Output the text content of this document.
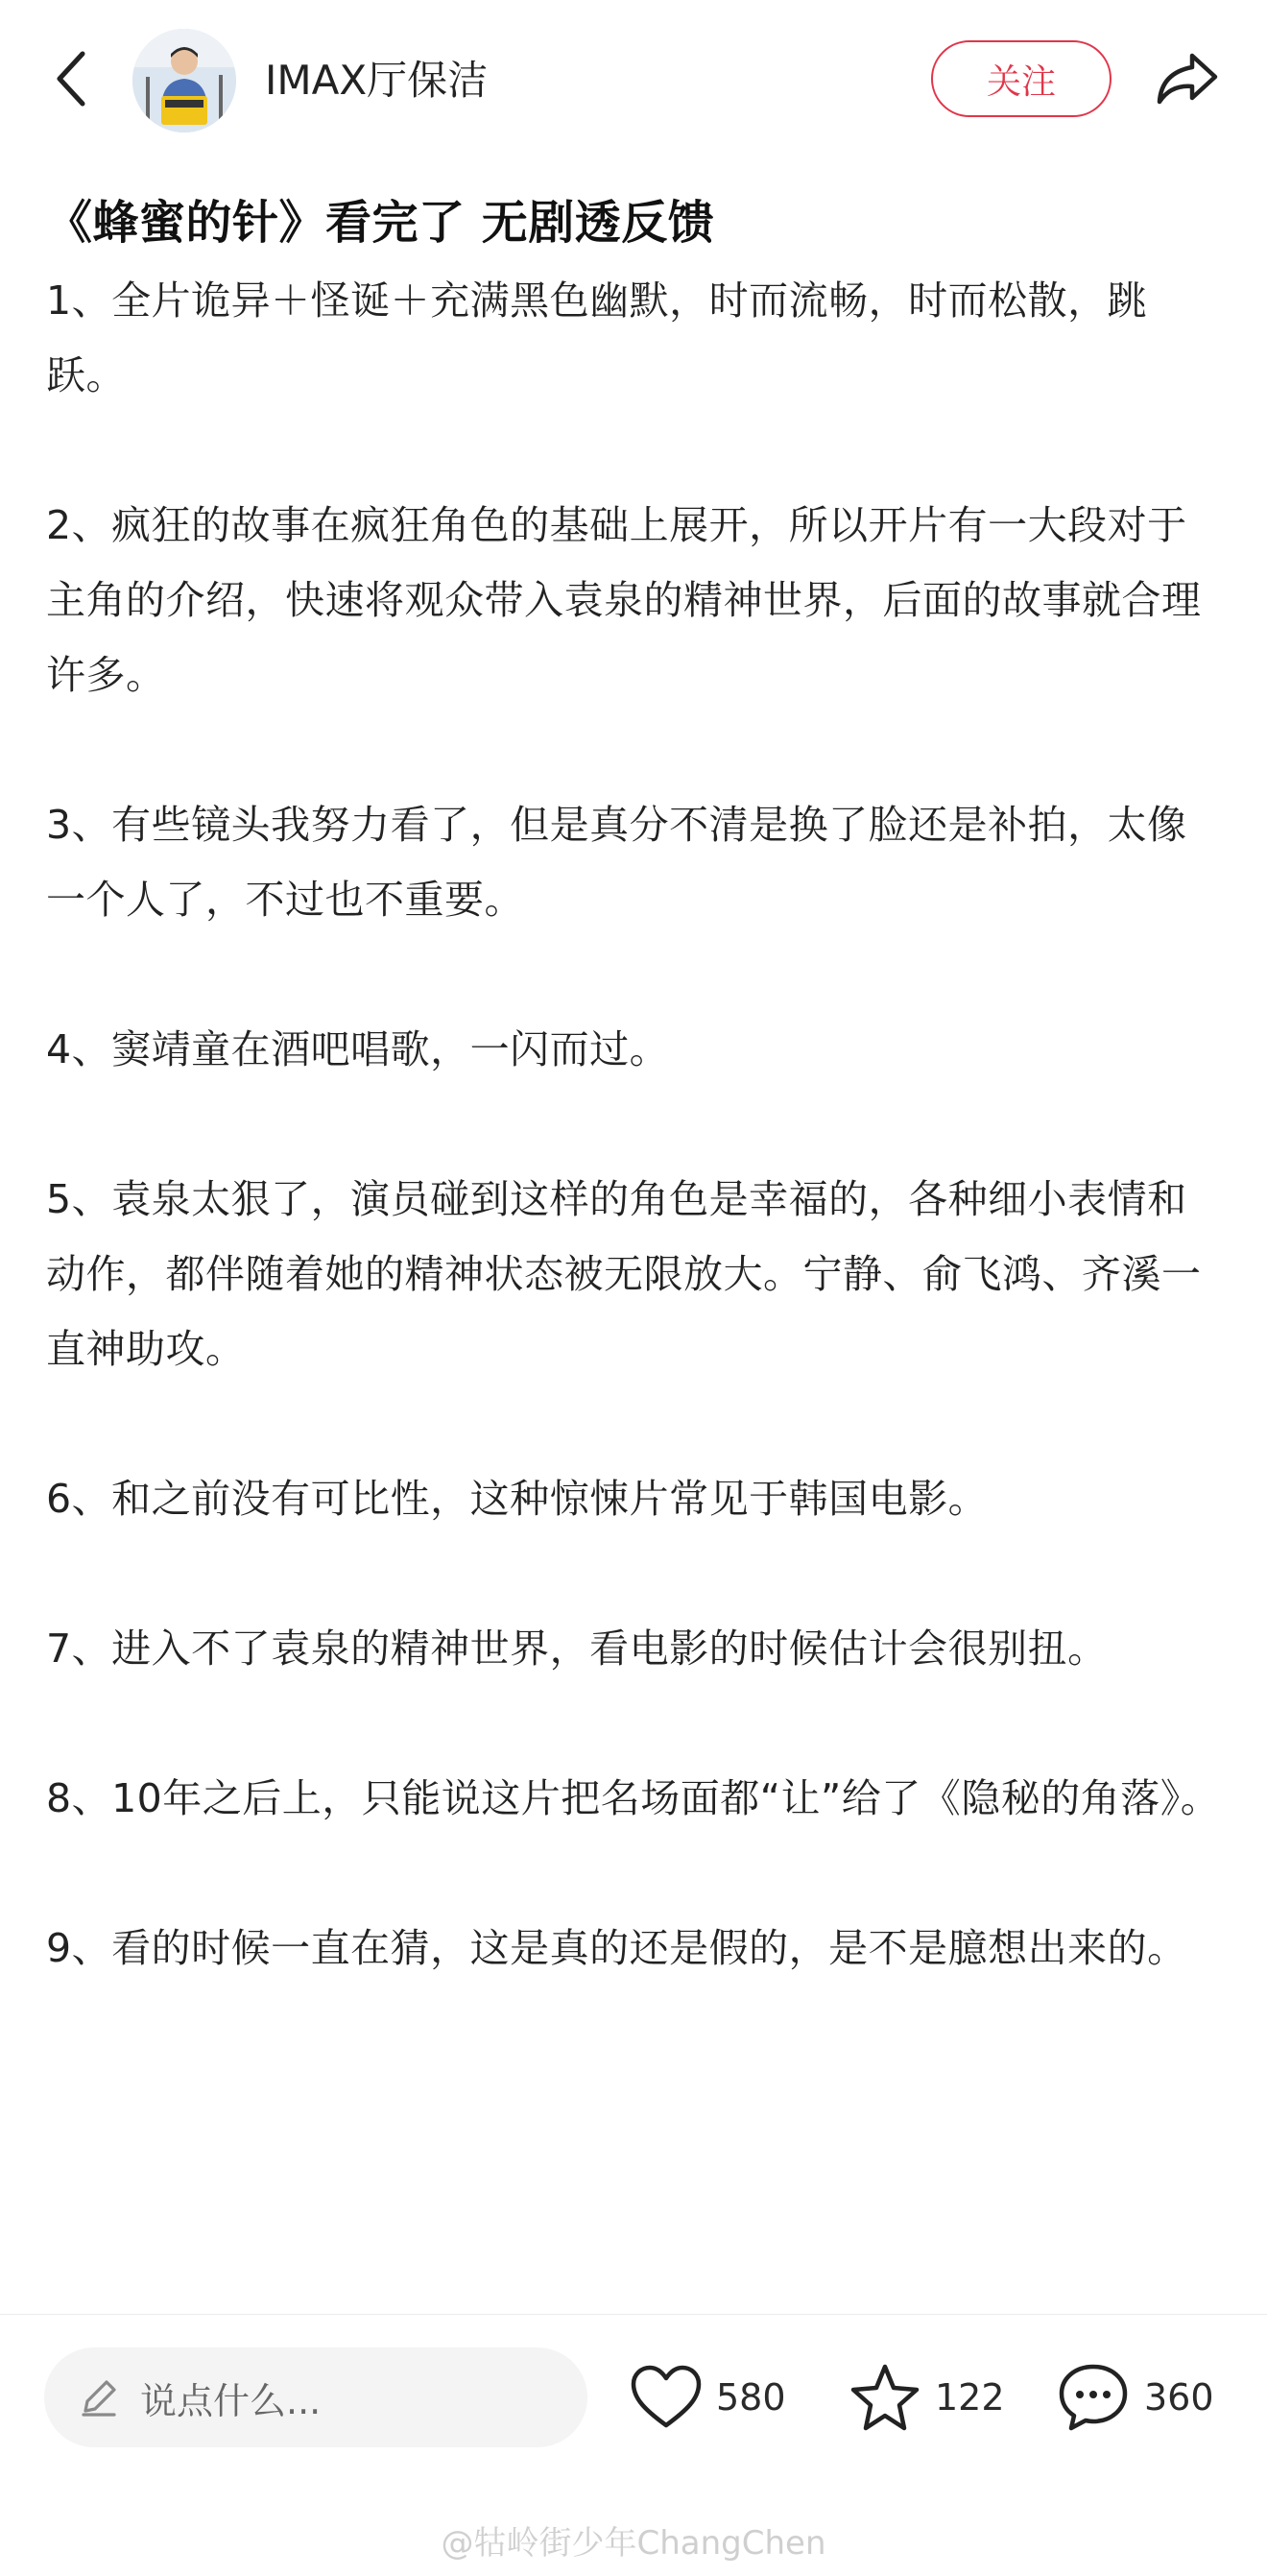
IMAX厅保洁	关注
《蜂蜜的针》看完了 无剧透反馈

1、全片诡异＋怪诞＋充满黑色幽默，时而流畅，时而松散，跳跃。

2、疯狂的故事在疯狂角色的基础上展开，所以开片有一大段对于主角的介绍，快速将观众带入袁泉的精神世界，后面的故事就合理许多。

3、有些镜头我努力看了，但是真分不清是换了脸还是补拍，太像一个人了，不过也不重要。

4、窦靖童在酒吧唱歌，一闪而过。

5、袁泉太狠了，演员碰到这样的角色是幸福的，各种细小表情和动作，都伴随着她的精神状态被无限放大。宁静、俞飞鸿、齐溪一直神助攻。

6、和之前没有可比性，这种惊悚片常见于韩国电影。

7、进入不了袁泉的精神世界，看电影的时候估计会很别扭。

8、10年之后上，只能说这片把名场面都“让”给了《隐秘的角落》。

9、看的时候一直在猜，这是真的还是假的，是不是臆想出来的。

说点什么...	580	122	360
@牯岭街少年ChangChen
